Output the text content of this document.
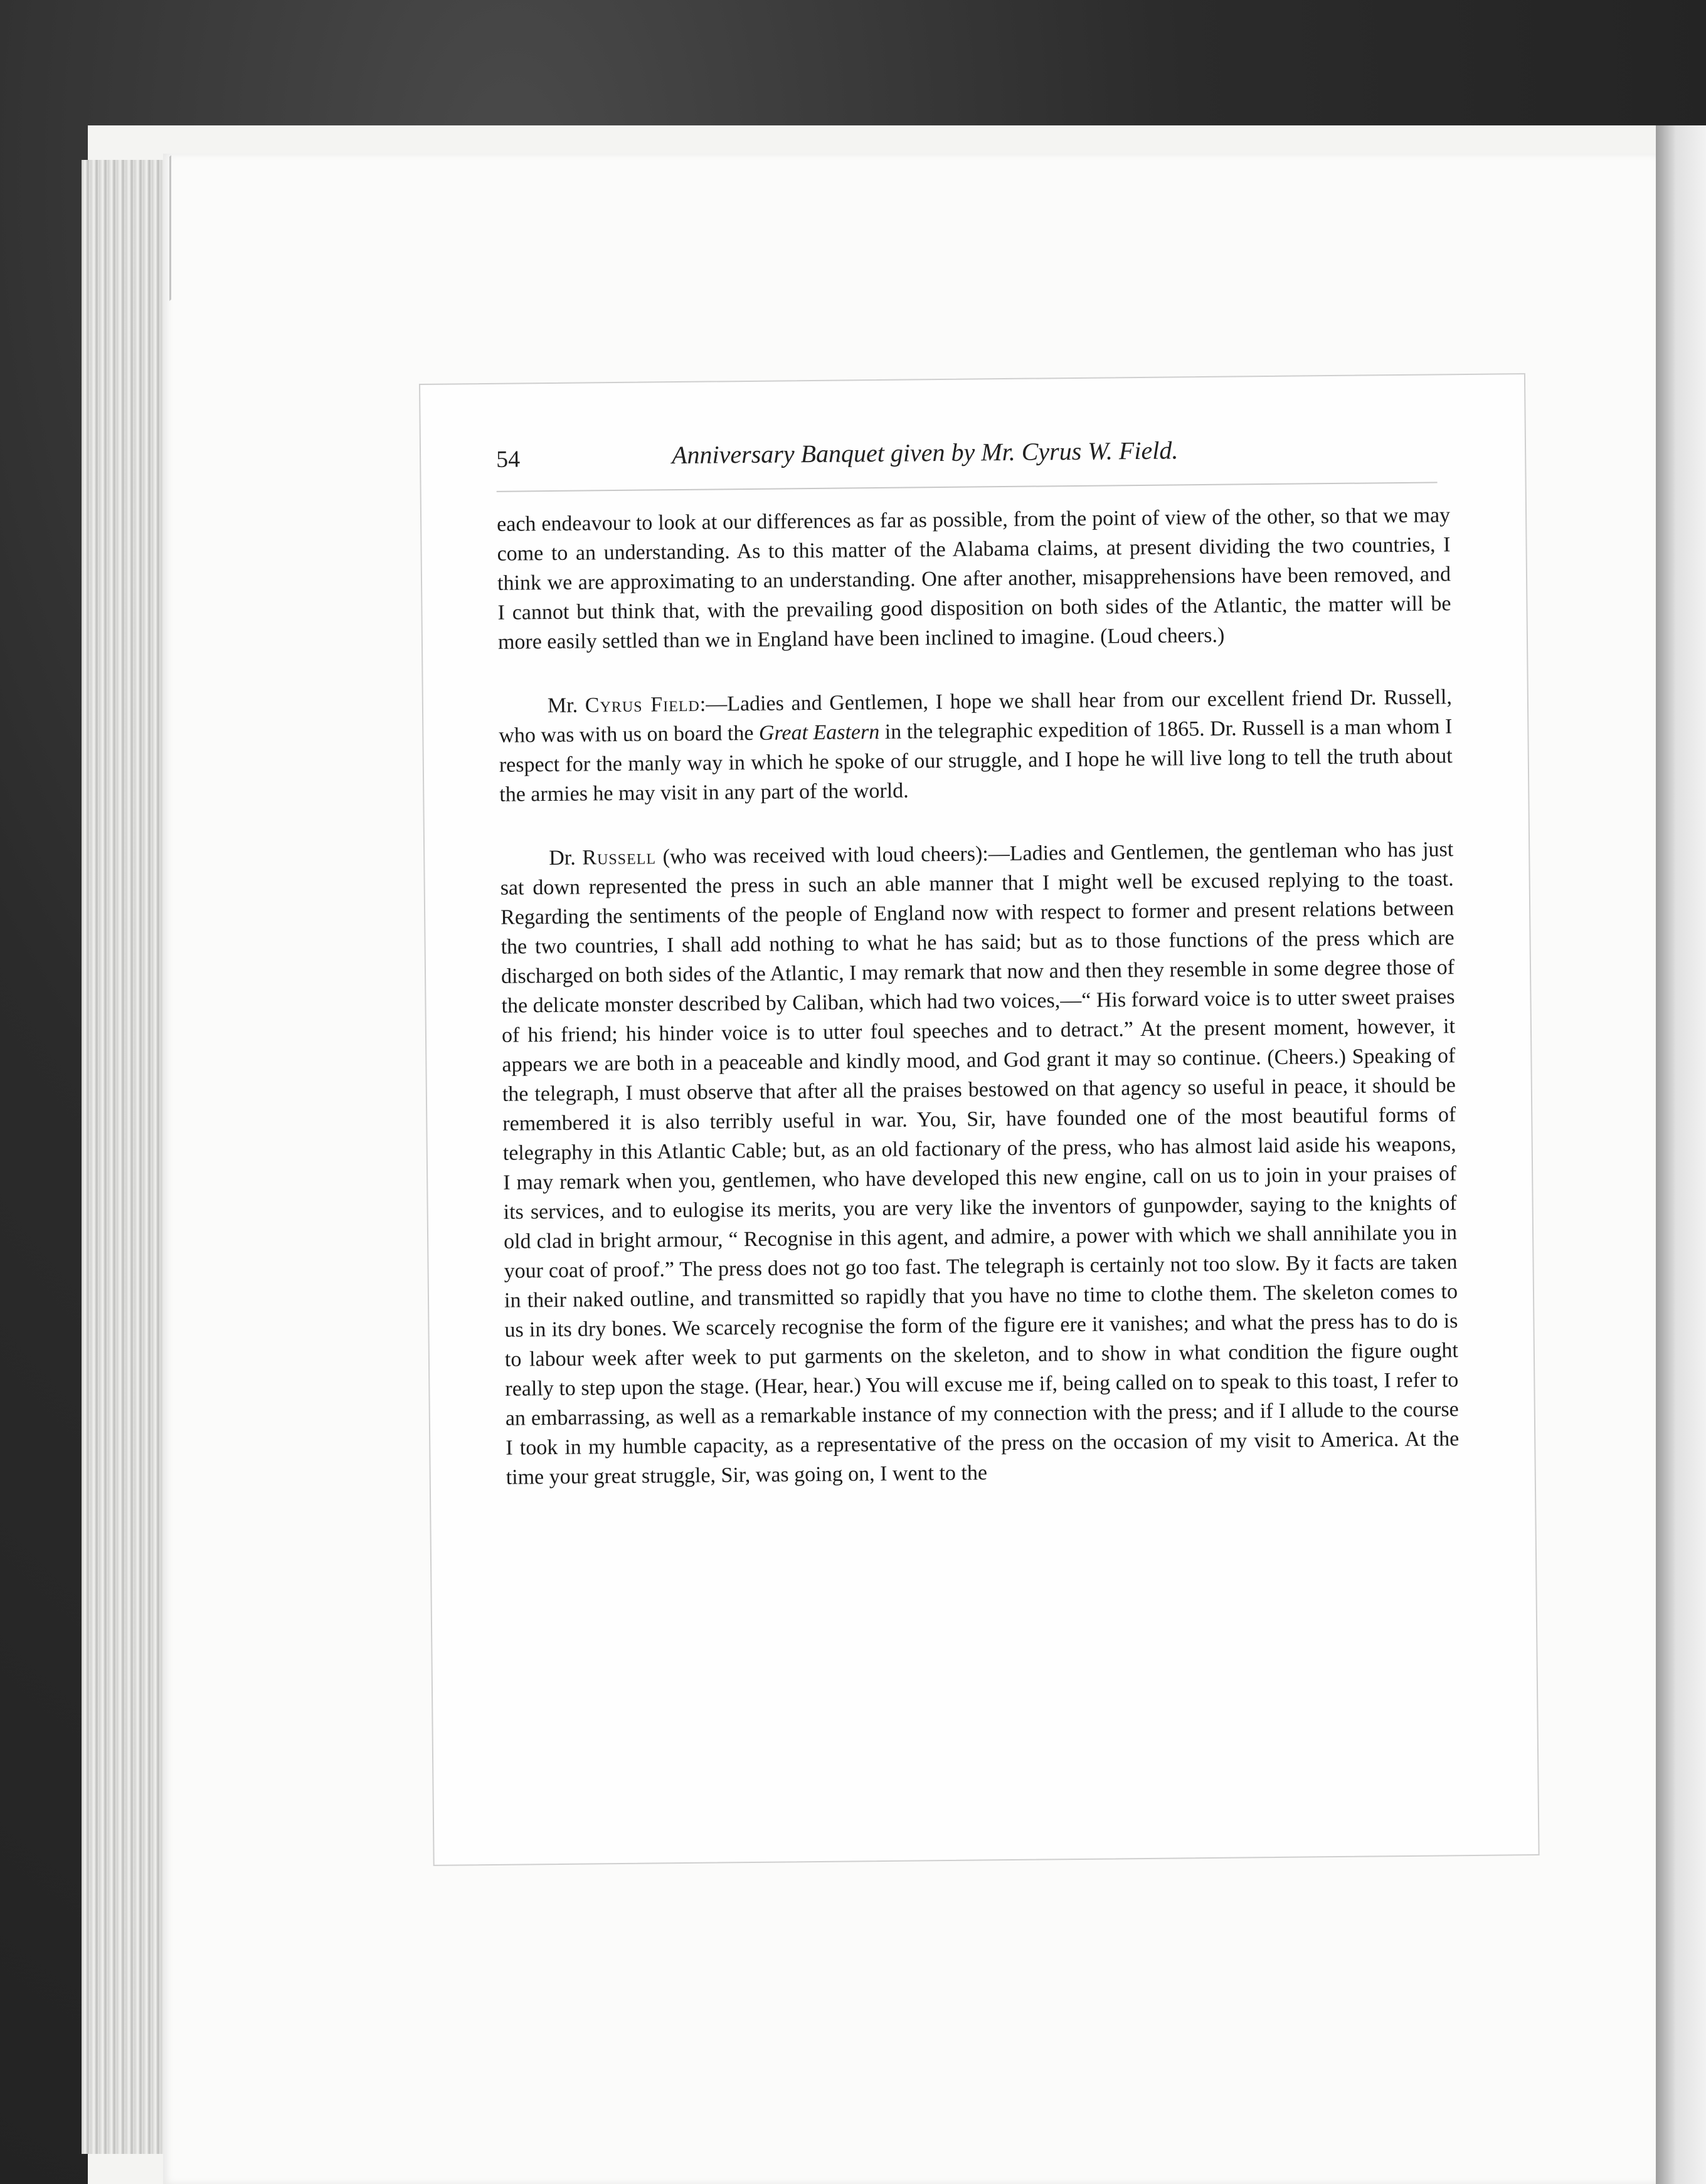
54	Anniversary Banquet given by Mr. Cyrus W. Field.

each endeavour to look at our differences as far as possible, from the point of view of the other, so that we may come to an understanding. As to this matter of the Alabama claims, at present dividing the two countries, I think we are approximating to an understanding. One after another, misapprehensions have been removed, and I cannot but think that, with the prevailing good disposition on both sides of the Atlantic, the matter will be more easily settled than we in England have been inclined to imagine. (Loud cheers.)

Mr. Cyrus Field:—Ladies and Gentlemen, I hope we shall hear from our excellent friend Dr. Russell, who was with us on board the Great Eastern in the telegraphic expedition of 1865. Dr. Russell is a man whom I respect for the manly way in which he spoke of our struggle, and I hope he will live long to tell the truth about the armies he may visit in any part of the world.

Dr. Russell (who was received with loud cheers):—Ladies and Gentlemen, the gentleman who has just sat down represented the press in such an able manner that I might well be excused replying to the toast. Regarding the sentiments of the people of England now with respect to former and present relations between the two countries, I shall add nothing to what he has said; but as to those functions of the press which are discharged on both sides of the Atlantic, I may remark that now and then they resemble in some degree those of the delicate monster described by Caliban, which had two voices,—“ His forward voice is to utter sweet praises of his friend; his hinder voice is to utter foul speeches and to detract.” At the present moment, however, it appears we are both in a peaceable and kindly mood, and God grant it may so continue. (Cheers.) Speaking of the telegraph, I must observe that after all the praises bestowed on that agency so useful in peace, it should be remembered it is also terribly useful in war. You, Sir, have founded one of the most beautiful forms of telegraphy in this Atlantic Cable; but, as an old factionary of the press, who has almost laid aside his weapons, I may remark when you, gentlemen, who have developed this new engine, call on us to join in your praises of its services, and to eulogise its merits, you are very like the inventors of gunpowder, saying to the knights of old clad in bright armour, “ Recognise in this agent, and admire, a power with which we shall annihilate you in your coat of proof.” The press does not go too fast. The telegraph is certainly not too slow. By it facts are taken in their naked outline, and transmitted so rapidly that you have no time to clothe them. The skeleton comes to us in its dry bones. We scarcely recognise the form of the figure ere it vanishes; and what the press has to do is to labour week after week to put garments on the skeleton, and to show in what condition the figure ought really to step upon the stage. (Hear, hear.) You will excuse me if, being called on to speak to this toast, I refer to an embarrassing, as well as a remarkable instance of my connection with the press; and if I allude to the course I took in my humble capacity, as a representative of the press on the occasion of my visit to America. At the time your great struggle, Sir, was going on, I went to the
